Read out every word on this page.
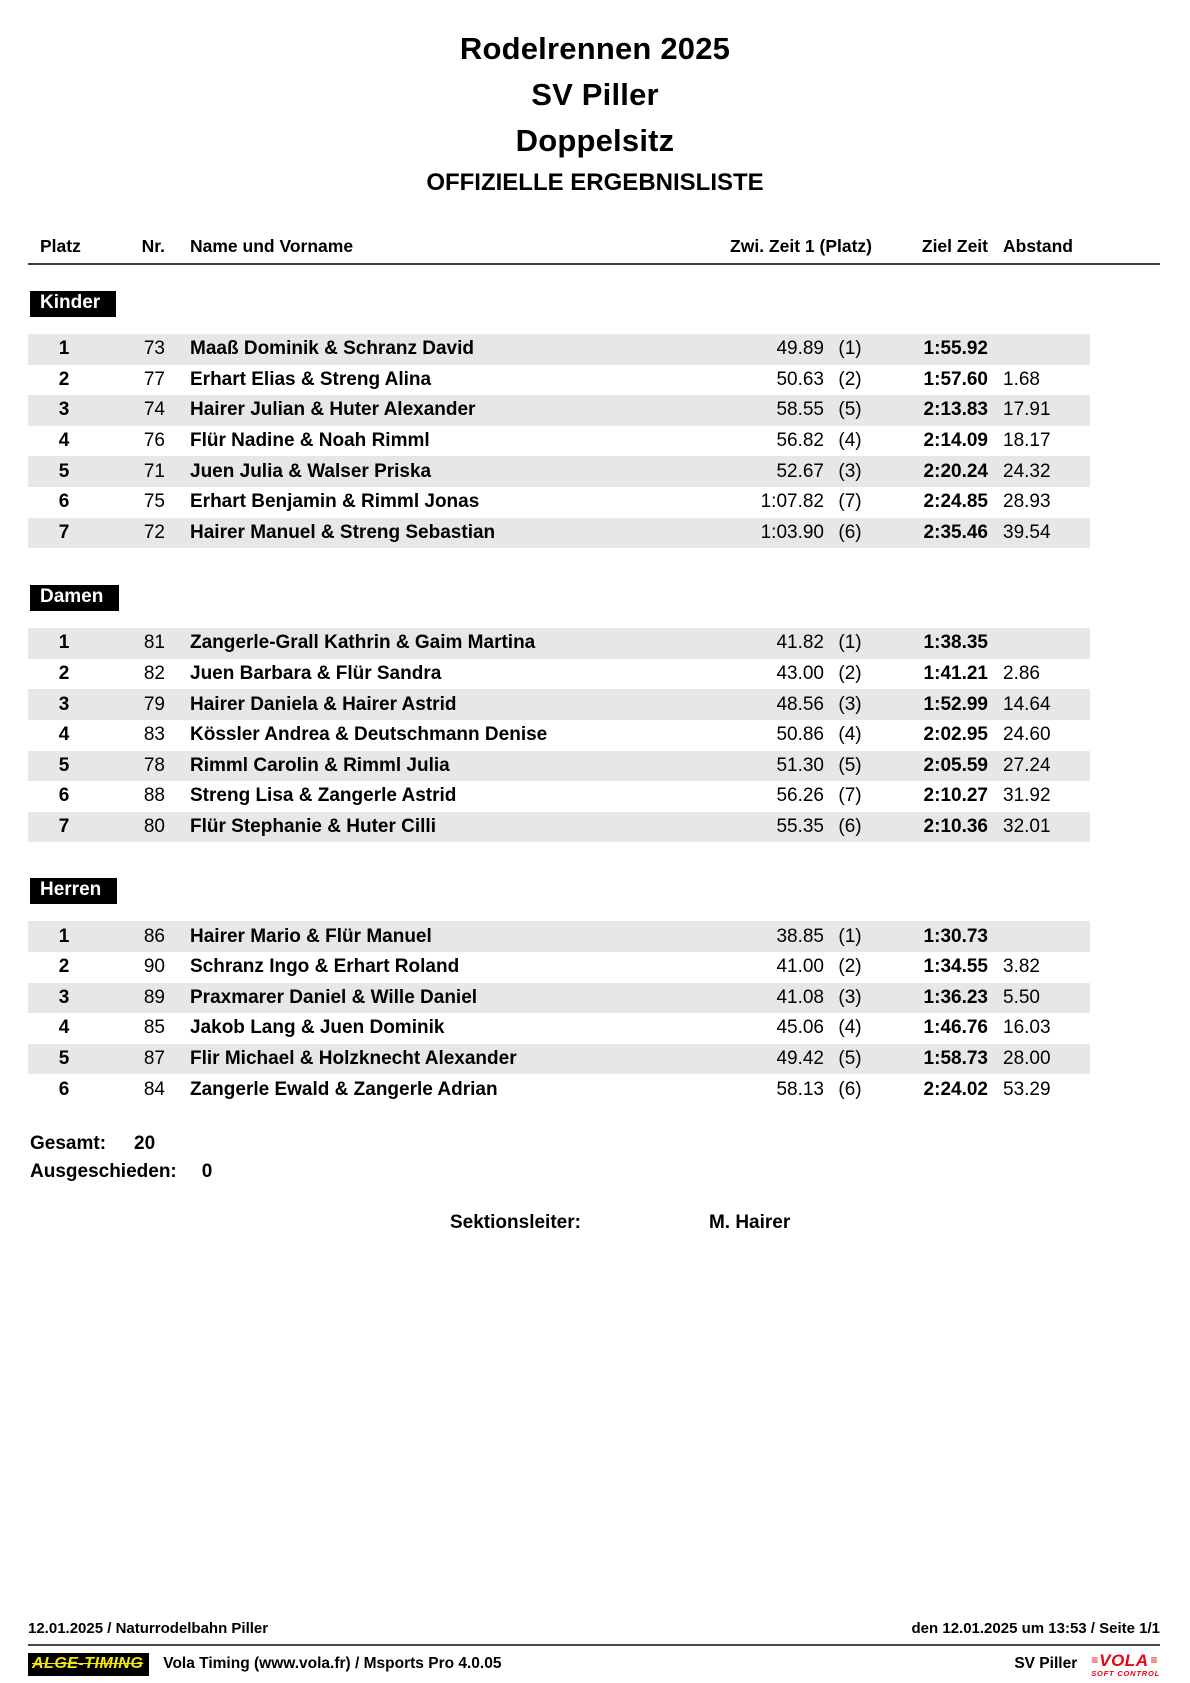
Rodelrennen 2025
SV Piller
Doppelsitz
OFFIZIELLE ERGEBNISLISTE
Platz	Nr.	Name und Vorname	Zwi. Zeit 1 (Platz)	Ziel Zeit Abstand
Kinder
1	73	Maaß Dominik & Schranz David	49.89 (1)	1:55.92
2	77	Erhart Elias & Streng Alina	50.63 (2)	1:57.60 1.68
3	74	Hairer Julian & Huter Alexander	58.55 (5)	2:13.83 17.91
4	76	Flür Nadine & Noah Rimml	56.82 (4)	2:14.09 18.17
5	71	Juen Julia & Walser Priska	52.67 (3)	2:20.24 24.32
6	75	Erhart Benjamin & Rimml Jonas	1:07.82 (7)	2:24.85 28.93
7	72	Hairer Manuel & Streng Sebastian	1:03.90 (6)	2:35.46 39.54
Damen
1	81	Zangerle-Grall Kathrin & Gaim Martina	41.82 (1)	1:38.35
2	82	Juen Barbara & Flür Sandra	43.00 (2)	1:41.21 2.86
3	79	Hairer Daniela & Hairer Astrid	48.56 (3)	1:52.99 14.64
4	83	Kössler Andrea & Deutschmann Denise	50.86 (4)	2:02.95 24.60
5	78	Rimml Carolin & Rimml Julia	51.30 (5)	2:05.59 27.24
6	88	Streng Lisa & Zangerle Astrid	56.26 (7)	2:10.27 31.92
7	80	Flür Stephanie & Huter Cilli	55.35 (6)	2:10.36 32.01
Herren
1	86	Hairer Mario & Flür Manuel	38.85 (1)	1:30.73
2	90	Schranz Ingo & Erhart Roland	41.00 (2)	1:34.55 3.82
3	89	Praxmarer Daniel & Wille Daniel	41.08 (3)	1:36.23 5.50
4	85	Jakob Lang & Juen Dominik	45.06 (4)	1:46.76 16.03
5	87	Flir Michael & Holzknecht Alexander	49.42 (5)	1:58.73 28.00
6	84	Zangerle Ewald & Zangerle Adrian	58.13 (6)	2:24.02 53.29
Gesamt: 20
Ausgeschieden: 0
Sektionsleiter:	M. Hairer
12.01.2025 / Naturrodelbahn Piller	den 12.01.2025 um 13:53 / Seite 1/1
ALGE-TIMING	Vola Timing (www.vola.fr) / Msports Pro 4.0.05	SV Piller ≡ VOLA ≡
SOFT CONTROL
